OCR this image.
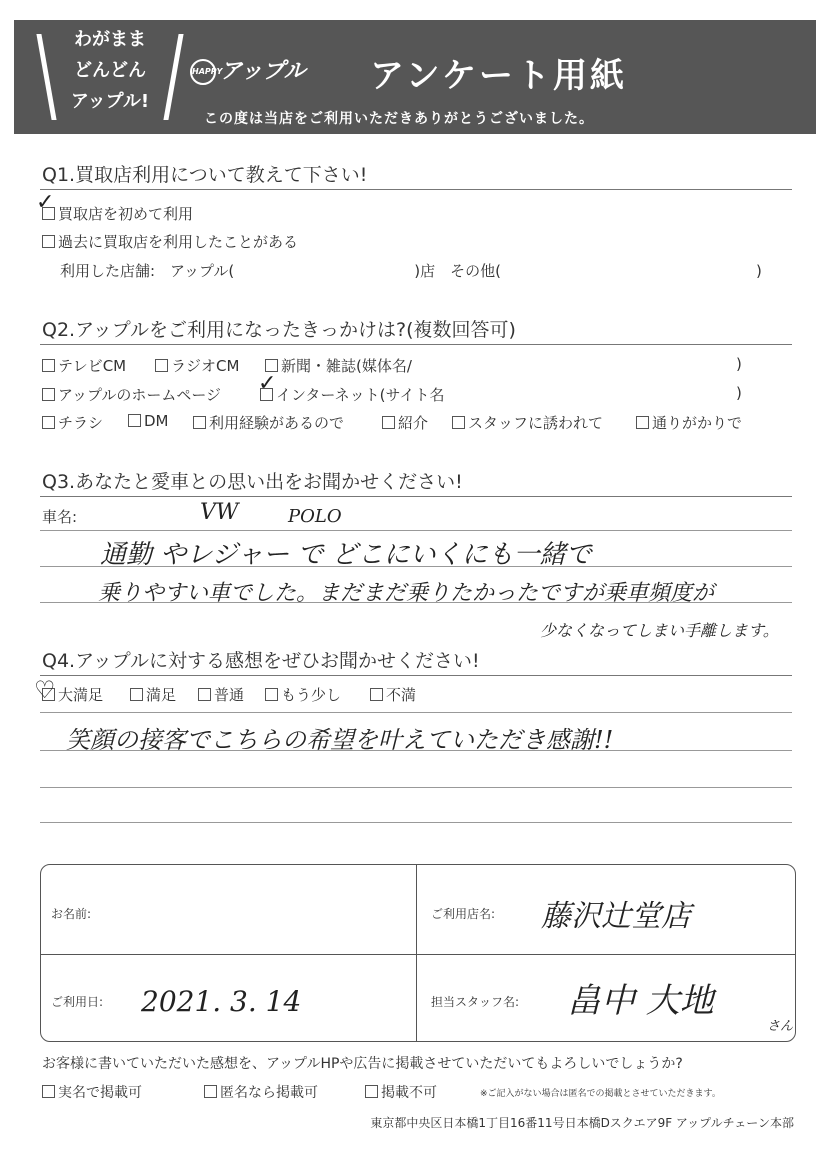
わがまま
どんどん
アップル!
HAPPYアップル アンケート用紙
この度は当店をご利用いただきありがとうございました。
Q1.買取店利用について教えて下さい!
買取店を初めて利用
✓
過去に買取店を利用したことがある
利用した店舗:　アップル(　　　　　　　　　　　　)店　その他(　　　　　　　　　　　　　　　　　)
Q2.アップルをご利用になったきっかけは?(複数回答可)
テレビCM	ラジオCM	新聞・雑誌(媒体名/	)
アップルのホームページ	インターネット(サイト名
✓	)
チラシ	DM	利用経験があるので	紹介	スタッフに誘われて	通りがかりで
Q3.あなたと愛車との思い出をお聞かせください!
車名:	VW	POLO
通勤 やレジャー で どこにいくにも一緒で
乗りやすい車でした。まだまだ乗りたかったですが乗車頻度が
少なくなってしまい手離します。
Q4.アップルに対する感想をぜひお聞かせください!
大満足
♡	満足	普通	もう少し	不満
笑顔の接客でこちらの希望を叶えていただき感謝!!
お名前:	ご利用店名: 藤沢辻堂店
ご利用日: 2021. 3. 14	担当スタッフ名: 畠中 大地
さん
お客様に書いていただいた感想を、アップルHPや広告に掲載させていただいてもよろしいでしょうか?
実名で掲載可	匿名なら掲載可	掲載不可	※ご記入がない場合は匿名での掲載とさせていただきます。
東京都中央区日本橋1丁目16番11号日本橋Dスクエア9F アップルチェーン本部
